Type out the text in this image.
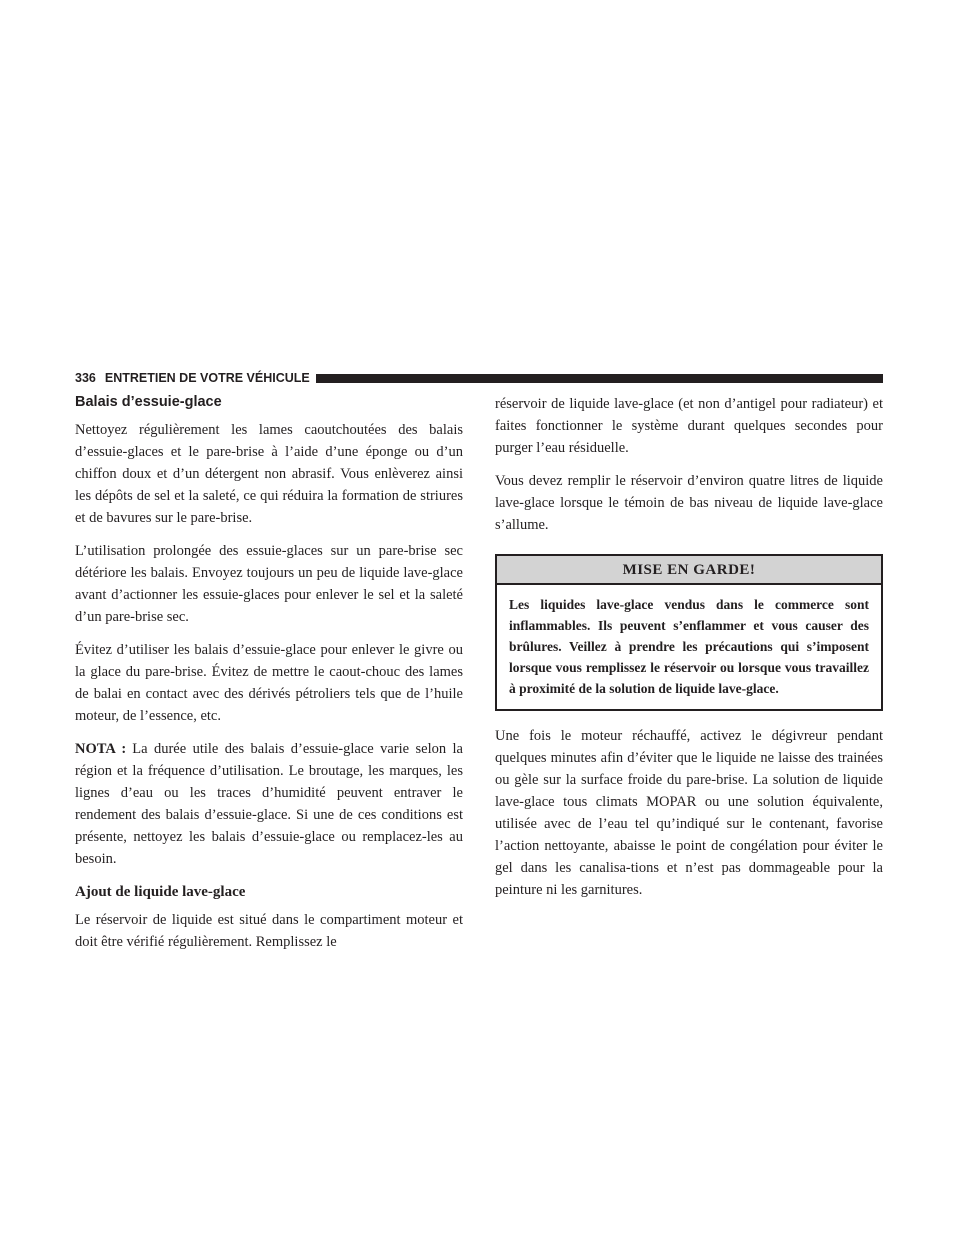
336 ENTRETIEN DE VOTRE VÉHICULE
Balais d’essuie-glace

Nettoyez régulièrement les lames caoutchoutées des balais d’essuie-glaces et le pare-brise à l’aide d’une éponge ou d’un chiffon doux et d’un détergent non abrasif. Vous enlèverez ainsi les dépôts de sel et la saleté, ce qui réduira la formation de striures et de bavures sur le pare-brise.

L’utilisation prolongée des essuie-glaces sur un pare-brise sec détériore les balais. Envoyez toujours un peu de liquide lave-glace avant d’actionner les essuie-glaces pour enlever le sel et la saleté d’un pare-brise sec.

Évitez d’utiliser les balais d’essuie-glace pour enlever le givre ou la glace du pare-brise. Évitez de mettre le caout-chouc des lames de balai en contact avec des dérivés pétroliers tels que de l’huile moteur, de l’essence, etc.

NOTA : La durée utile des balais d’essuie-glace varie selon la région et la fréquence d’utilisation. Le broutage, les marques, les lignes d’eau ou les traces d’humidité peuvent entraver le rendement des balais d’essuie-glace. Si une de ces conditions est présente, nettoyez les balais d’essuie-glace ou remplacez-les au besoin.

Ajout de liquide lave-glace

Le réservoir de liquide est situé dans le compartiment moteur et doit être vérifié régulièrement. Remplissez le

réservoir de liquide lave-glace (et non d’antigel pour radiateur) et faites fonctionner le système durant quelques secondes pour purger l’eau résiduelle.

Vous devez remplir le réservoir d’environ quatre litres de liquide lave-glace lorsque le témoin de bas niveau de liquide lave-glace s’allume.

MISE EN GARDE!

Les liquides lave-glace vendus dans le commerce sont inflammables. Ils peuvent s’enflammer et vous causer des brûlures. Veillez à prendre les précautions qui s’imposent lorsque vous remplissez le réservoir ou lorsque vous travaillez à proximité de la solution de liquide lave-glace.

Une fois le moteur réchauffé, activez le dégivreur pendant quelques minutes afin d’éviter que le liquide ne laisse des trainées ou gèle sur la surface froide du pare-brise. La solution de liquide lave-glace tous climats MOPAR ou une solution équivalente, utilisée avec de l’eau tel qu’indiqué sur le contenant, favorise l’action nettoyante, abaisse le point de congélation pour éviter le gel dans les canalisa-tions et n’est pas dommageable pour la peinture ni les garnitures.
